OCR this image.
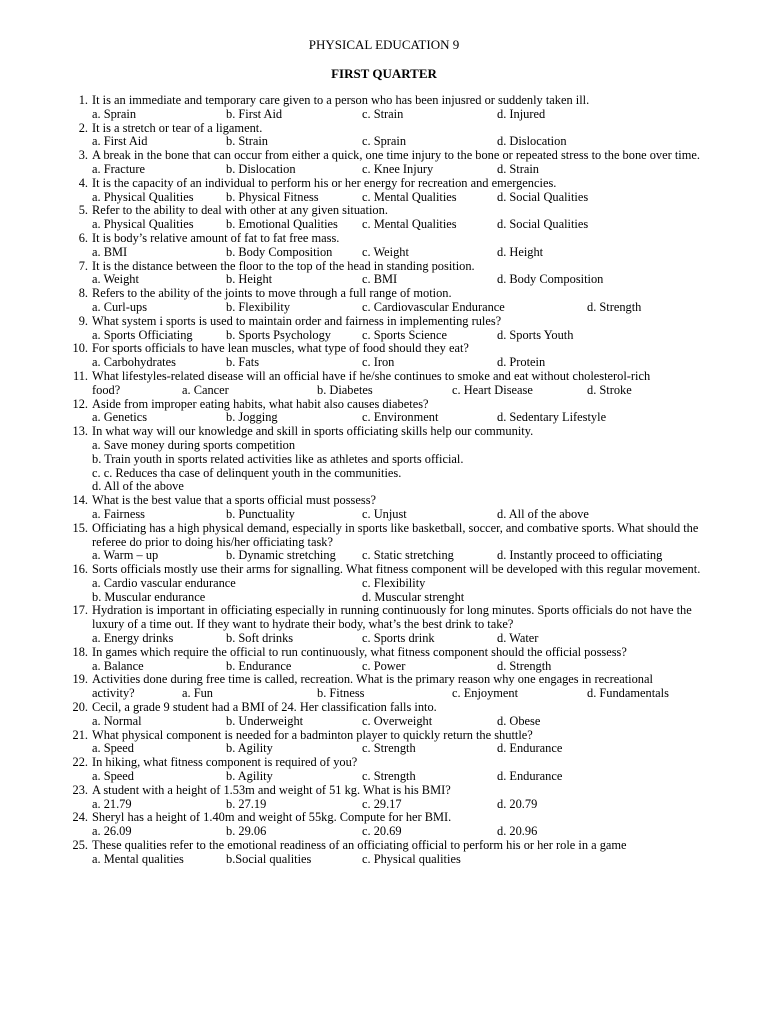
PHYSICAL EDUCATION 9
FIRST QUARTER
1. It is an immediate and temporary care given to a person who has been injusred or suddenly taken ill.
a. Sprain	b. First Aid	c. Strain	d. Injured
2. It is a stretch or tear of a ligament.
a. First Aid	b. Strain	c. Sprain	d. Dislocation
3. A break in the bone that can occur from either a quick, one time injury to the bone or repeated stress to the bone over time.
a. Fracture	b. Dislocation	c. Knee Injury	d. Strain
4. It is the capacity of an individual to perform his or her energy for recreation and emergencies.
a. Physical Qualities	b. Physical Fitness	c. Mental Qualities	d. Social Qualities
5. Refer to the ability to deal with other at any given situation.
a. Physical Qualities	b. Emotional Qualities c. Mental Qualities	d. Social Qualities
6. It is body’s relative amount of fat to fat free mass.
a. BMI	b. Body Composition c. Weight	d. Height
7. It is the distance between the floor to the top of the head in standing position.
a. Weight	b. Height	c. BMI	d. Body Composition
8. Refers to the ability of the joints to move through a full range of motion.
a. Curl-ups	b. Flexibility	c. Cardiovascular Endurance	d. Strength
9. What system i sports is used to maintain order and fairness in implementing rules?
a. Sports Officiating	b. Sports Psychology	c. Sports Science	d. Sports Youth
10. For sports officials to have lean muscles, what type of food should they eat?
a. Carbohydrates	b. Fats	c. Iron	d. Protein
11. What lifestyles-related disease will an official have if he/she continues to smoke and eat without cholesterol-rich
food?	a. Cancer	b. Diabetes	c. Heart Disease	d. Stroke
12. Aside from improper eating habits, what habit also causes diabetes?
a. Genetics	b. Jogging	c. Environment	d. Sedentary Lifestyle
13. In what way will our knowledge and skill in sports officiating skills help our community.
a. Save money during sports competition
b. Train youth in sports related activities like as athletes and sports official.
c. c. Reduces tha case of delinquent youth in the communities.
d. All of the above
14. What is the best value that a sports official must possess?
a. Fairness	b. Punctuality	c. Unjust	d. All of the above
15. Officiating has a high physical demand, especially in sports like basketball, soccer, and combative sports. What should the referee do prior to doing his/her officiating task?
a. Warm – up	b. Dynamic stretching c. Static stretching	d. Instantly proceed to officiating
16. Sorts officials mostly use their arms for signalling. What fitness component will be developed with this regular movement.
a. Cardio vascular endurance	c. Flexibility
b. Muscular endurance	d. Muscular strenght
17. Hydration is important in officiating especially in running continuously for long minutes. Sports officials do not have the luxury of a time out. If they want to hydrate their body, what’s the best drink to take?
a. Energy drinks	b. Soft drinks	c. Sports drink	d. Water
18. In games which require the official to run continuously, what fitness component should the official possess?
a. Balance	b. Endurance	c. Power	d. Strength
19. Activities done during free time is called, recreation. What is the primary reason why one engages in recreational
activity?	a. Fun	b. Fitness	c. Enjoyment	d. Fundamentals
20. Cecil, a grade 9 student had a BMI of 24. Her classification falls into.
a. Normal	b. Underweight	c. Overweight	d. Obese
21. What physical component is needed for a badminton player to quickly return the shuttle?
a. Speed	b. Agility	c. Strength	d. Endurance
22. In hiking, what fitness component is required of you?
a. Speed	b. Agility	c. Strength	d. Endurance
23. A student with a height of 1.53m and weight of 51 kg. What is his BMI?
a. 21.79	b. 27.19	c. 29.17	d. 20.79
24. Sheryl has a height of 1.40m and weight of 55kg. Compute for her BMI.
a. 26.09	b. 29.06	c. 20.69	d. 20.96
25. These qualities refer to the emotional readiness of an officiating official to perform his or her role in a game
a. Mental qualities	b.Social qualities	c. Physical qualities
